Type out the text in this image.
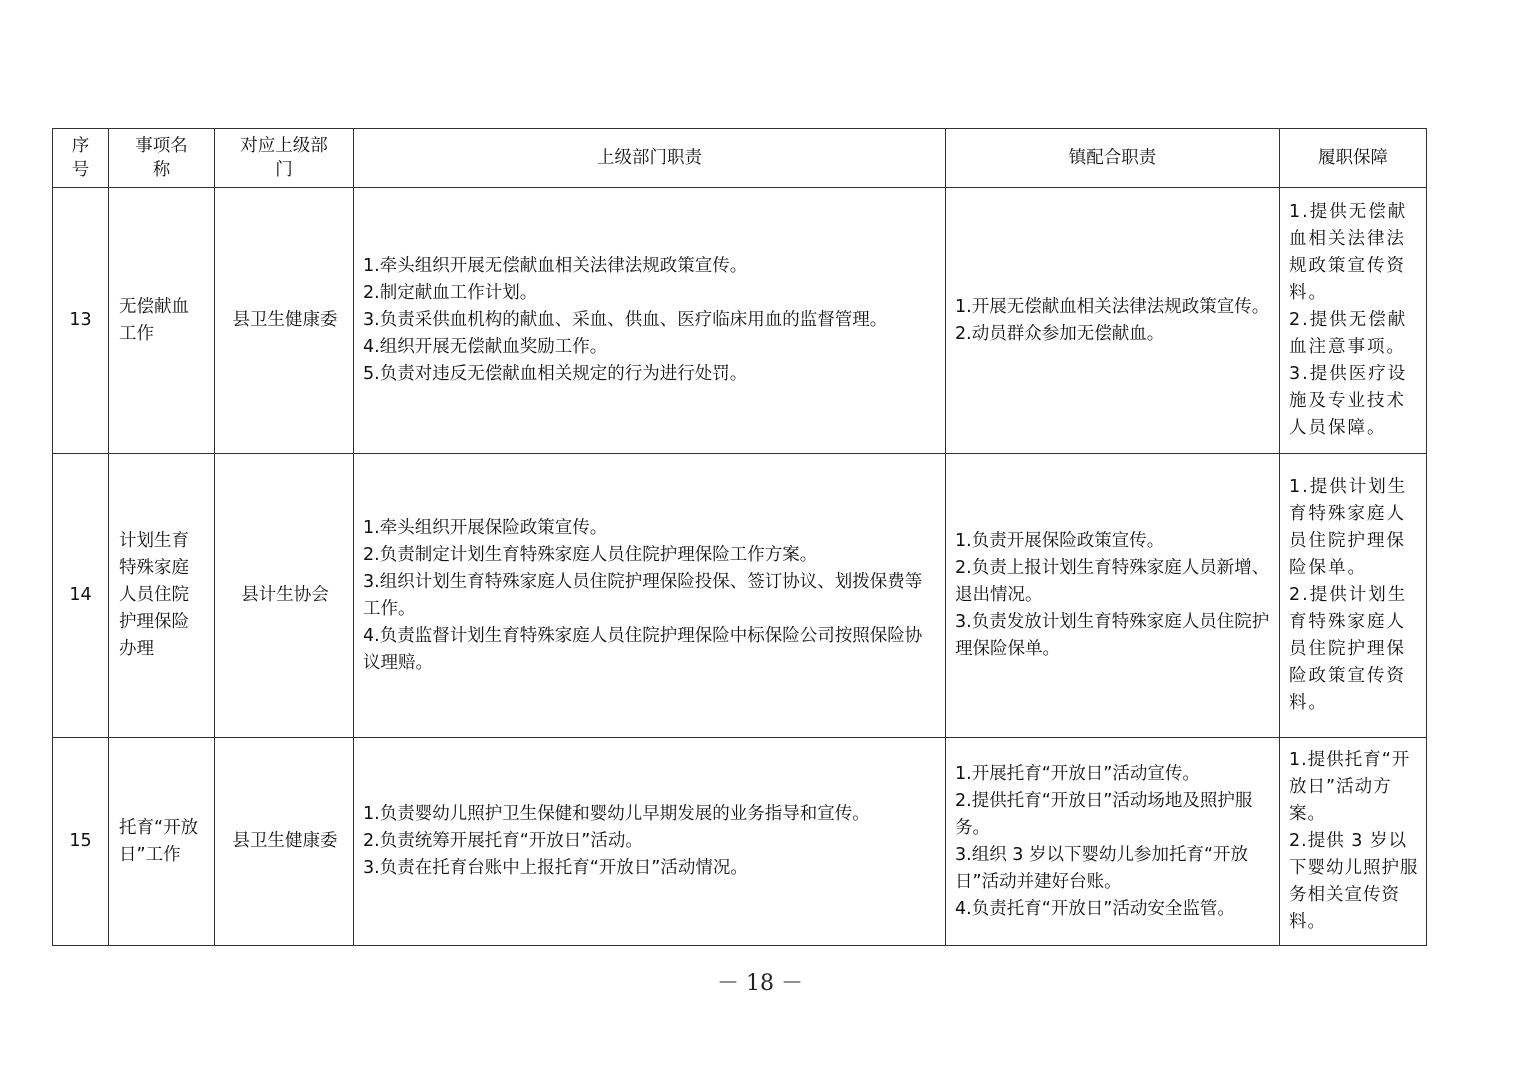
序号	事项名称	对应上级部门	上级部门职责	镇配合职责	履职保障
13	无偿献血工作	县卫生健康委	1.牵头组织开展无偿献血相关法律法规政策宣传。
2.制定献血工作计划。
3.负责采供血机构的献血、采血、供血、医疗临床用血的监督管理。
4.组织开展无偿献血奖励工作。
5.负责对违反无偿献血相关规定的行为进行处罚。	1.开展无偿献血相关法律法规政策宣传。
2.动员群众参加无偿献血。	1.提供无偿献血相关法律法规政策宣传资料。
2.提供无偿献血注意事项。
3.提供医疗设施及专业技术人员保障。

14	计划生育特殊家庭人员住院护理保险办理	县计生协会	1.牵头组织开展保险政策宣传。
2.负责制定计划生育特殊家庭人员住院护理保险工作方案。
3.组织计划生育特殊家庭人员住院护理保险投保、签订协议、划拨保费等工作。
4.负责监督计划生育特殊家庭人员住院护理保险中标保险公司按照保险协议理赔。	1.负责开展保险政策宣传。
2.负责上报计划生育特殊家庭人员新增、退出情况。
3.负责发放计划生育特殊家庭人员住院护理保险保单。	1.提供计划生育特殊家庭人员住院护理保险保单。
2.提供计划生育特殊家庭人员住院护理保险政策宣传资料。

15	托育“开放日”工作	县卫生健康委	1.负责婴幼儿照护卫生保健和婴幼儿早期发展的业务指导和宣传。
2.负责统筹开展托育“开放日”活动。
3.负责在托育台账中上报托育“开放日”活动情况。	1.开展托育“开放日”活动宣传。
2.提供托育“开放日”活动场地及照护服务。
3.组织 3 岁以下婴幼儿参加托育“开放日”活动并建好台账。
4.负责托育“开放日”活动安全监管。	1.提供托育“开放日”活动方案。
2.提供 3 岁以下婴幼儿照护服务相关宣传资料。
－ 18 －
